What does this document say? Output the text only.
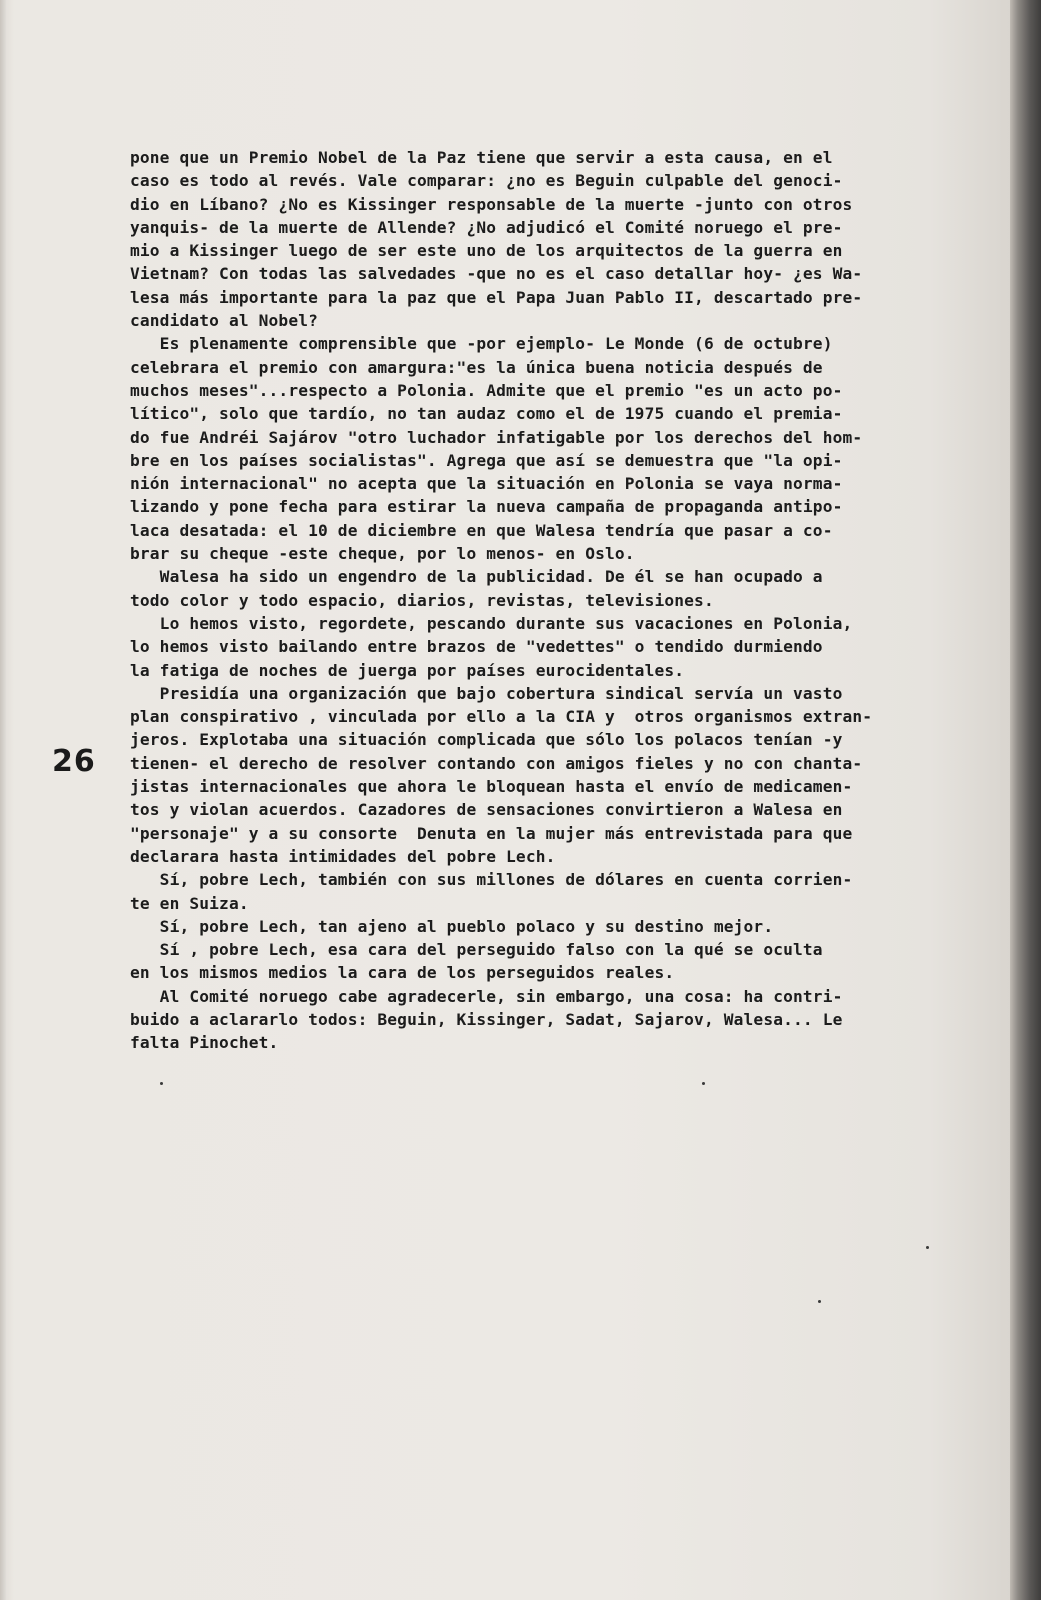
26
pone que un Premio Nobel de la Paz tiene que servir a esta causa, en el
caso es todo al revés. Vale comparar: ¿no es Beguin culpable del genoci-
dio en Líbano? ¿No es Kissinger responsable de la muerte -junto con otros
yanquis- de la muerte de Allende? ¿No adjudicó el Comité noruego el pre-
mio a Kissinger luego de ser este uno de los arquitectos de la guerra en
Vietnam? Con todas las salvedades -que no es el caso detallar hoy- ¿es Wa-
lesa más importante para la paz que el Papa Juan Pablo II, descartado pre-
candidato al Nobel?
Es plenamente comprensible que -por ejemplo- Le Monde (6 de octubre)
celebrara el premio con amargura:"es la única buena noticia después de
muchos meses"...respecto a Polonia. Admite que el premio "es un acto po-
lítico", solo que tardío, no tan audaz como el de 1975 cuando el premia-
do fue Andréi Sajárov "otro luchador infatigable por los derechos del hom-
bre en los países socialistas". Agrega que así se demuestra que "la opi-
nión internacional" no acepta que la situación en Polonia se vaya norma-
lizando y pone fecha para estirar la nueva campaña de propaganda antipo-
laca desatada: el 10 de diciembre en que Walesa tendría que pasar a co-
brar su cheque -este cheque, por lo menos- en Oslo.
Walesa ha sido un engendro de la publicidad. De él se han ocupado a
todo color y todo espacio, diarios, revistas, televisiones.
Lo hemos visto, regordete, pescando durante sus vacaciones en Polonia,
lo hemos visto bailando entre brazos de "vedettes" o tendido durmiendo
la fatiga de noches de juerga por países eurocidentales.
Presidía una organización que bajo cobertura sindical servía un vasto
plan conspirativo , vinculada por ello a la CIA y  otros organismos extran-
jeros. Explotaba una situación complicada que sólo los polacos tenían -y
tienen- el derecho de resolver contando con amigos fieles y no con chanta-
jistas internacionales que ahora le bloquean hasta el envío de medicamen-
tos y violan acuerdos. Cazadores de sensaciones convirtieron a Walesa en
"personaje" y a su consorte  Denuta en la mujer más entrevistada para que
declarara hasta intimidades del pobre Lech.
Sí, pobre Lech, también con sus millones de dólares en cuenta corrien-
te en Suiza.
Sí, pobre Lech, tan ajeno al pueblo polaco y su destino mejor.
Sí , pobre Lech, esa cara del perseguido falso con la qué se oculta
en los mismos medios la cara de los perseguidos reales.
Al Comité noruego cabe agradecerle, sin embargo, una cosa: ha contri-
buido a aclararlo todos: Beguin, Kissinger, Sadat, Sajarov, Walesa... Le
falta Pinochet.
